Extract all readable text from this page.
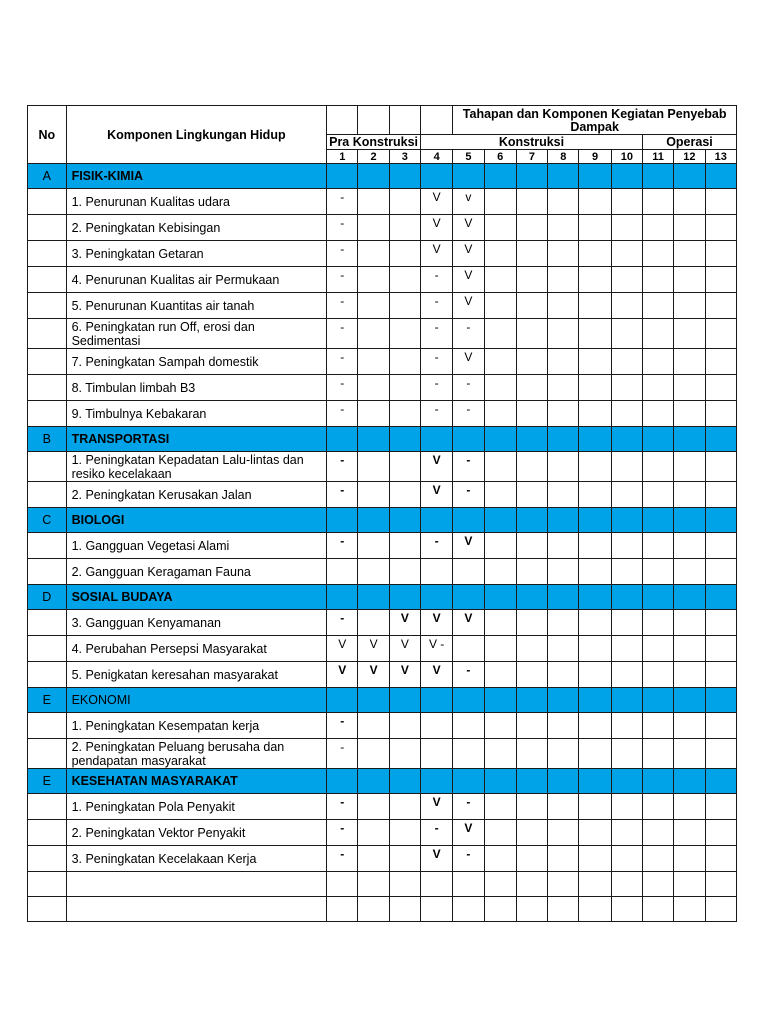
No	Komponen Lingkungan Hidup					Tahapan dan Komponen Kegiatan Penyebab Dampak								
		Pra Konstruksi			Konstruksi							Operasi		
		1	2	3	4	5	6	7	8	9	10	11	12	13
A	FISIK-KIMIA													
	1. Penurunan Kualitas udara	-			V	v								
	2. Peningkatan Kebisingan	-			V	V								
	3. Peningkatan Getaran	-			V	V								
	4. Penurunan Kualitas air Permukaan	-			-	V								
	5. Penurunan Kuantitas air tanah	-			-	V								
	6. Peningkatan run Off, erosi dan Sedimentasi	-			-	-								
	7. Peningkatan Sampah domestik	-			-	V								
	8. Timbulan limbah B3	-			-	-								
	9. Timbulnya Kebakaran	-			-	-								
B	TRANSPORTASI													
	1. Peningkatan Kepadatan Lalu-lintas dan resiko kecelakaan	-			V	-								
	2. Peningkatan Kerusakan Jalan	-			V	-								
C	BIOLOGI													
	1. Gangguan Vegetasi Alami	-			-	V								
	2. Gangguan Keragaman Fauna													
D	SOSIAL BUDAYA													
	3. Gangguan Kenyamanan	-		V	V	V								
	4. Perubahan Persepsi Masyarakat	V	V	V	V -									
	5. Penigkatan keresahan masyarakat	V	V	V	V	-								
E	EKONOMI													
	1. Peningkatan Kesempatan kerja	-												
	2. Peningkatan Peluang berusaha dan pendapatan masyarakat	-												
E	KESEHATAN MASYARAKAT													
	1. Peningkatan Pola Penyakit	-			V	-								
	2. Peningkatan Vektor Penyakit	-			-	V								
	3. Peningkatan Kecelakaan Kerja	-			V	-								
